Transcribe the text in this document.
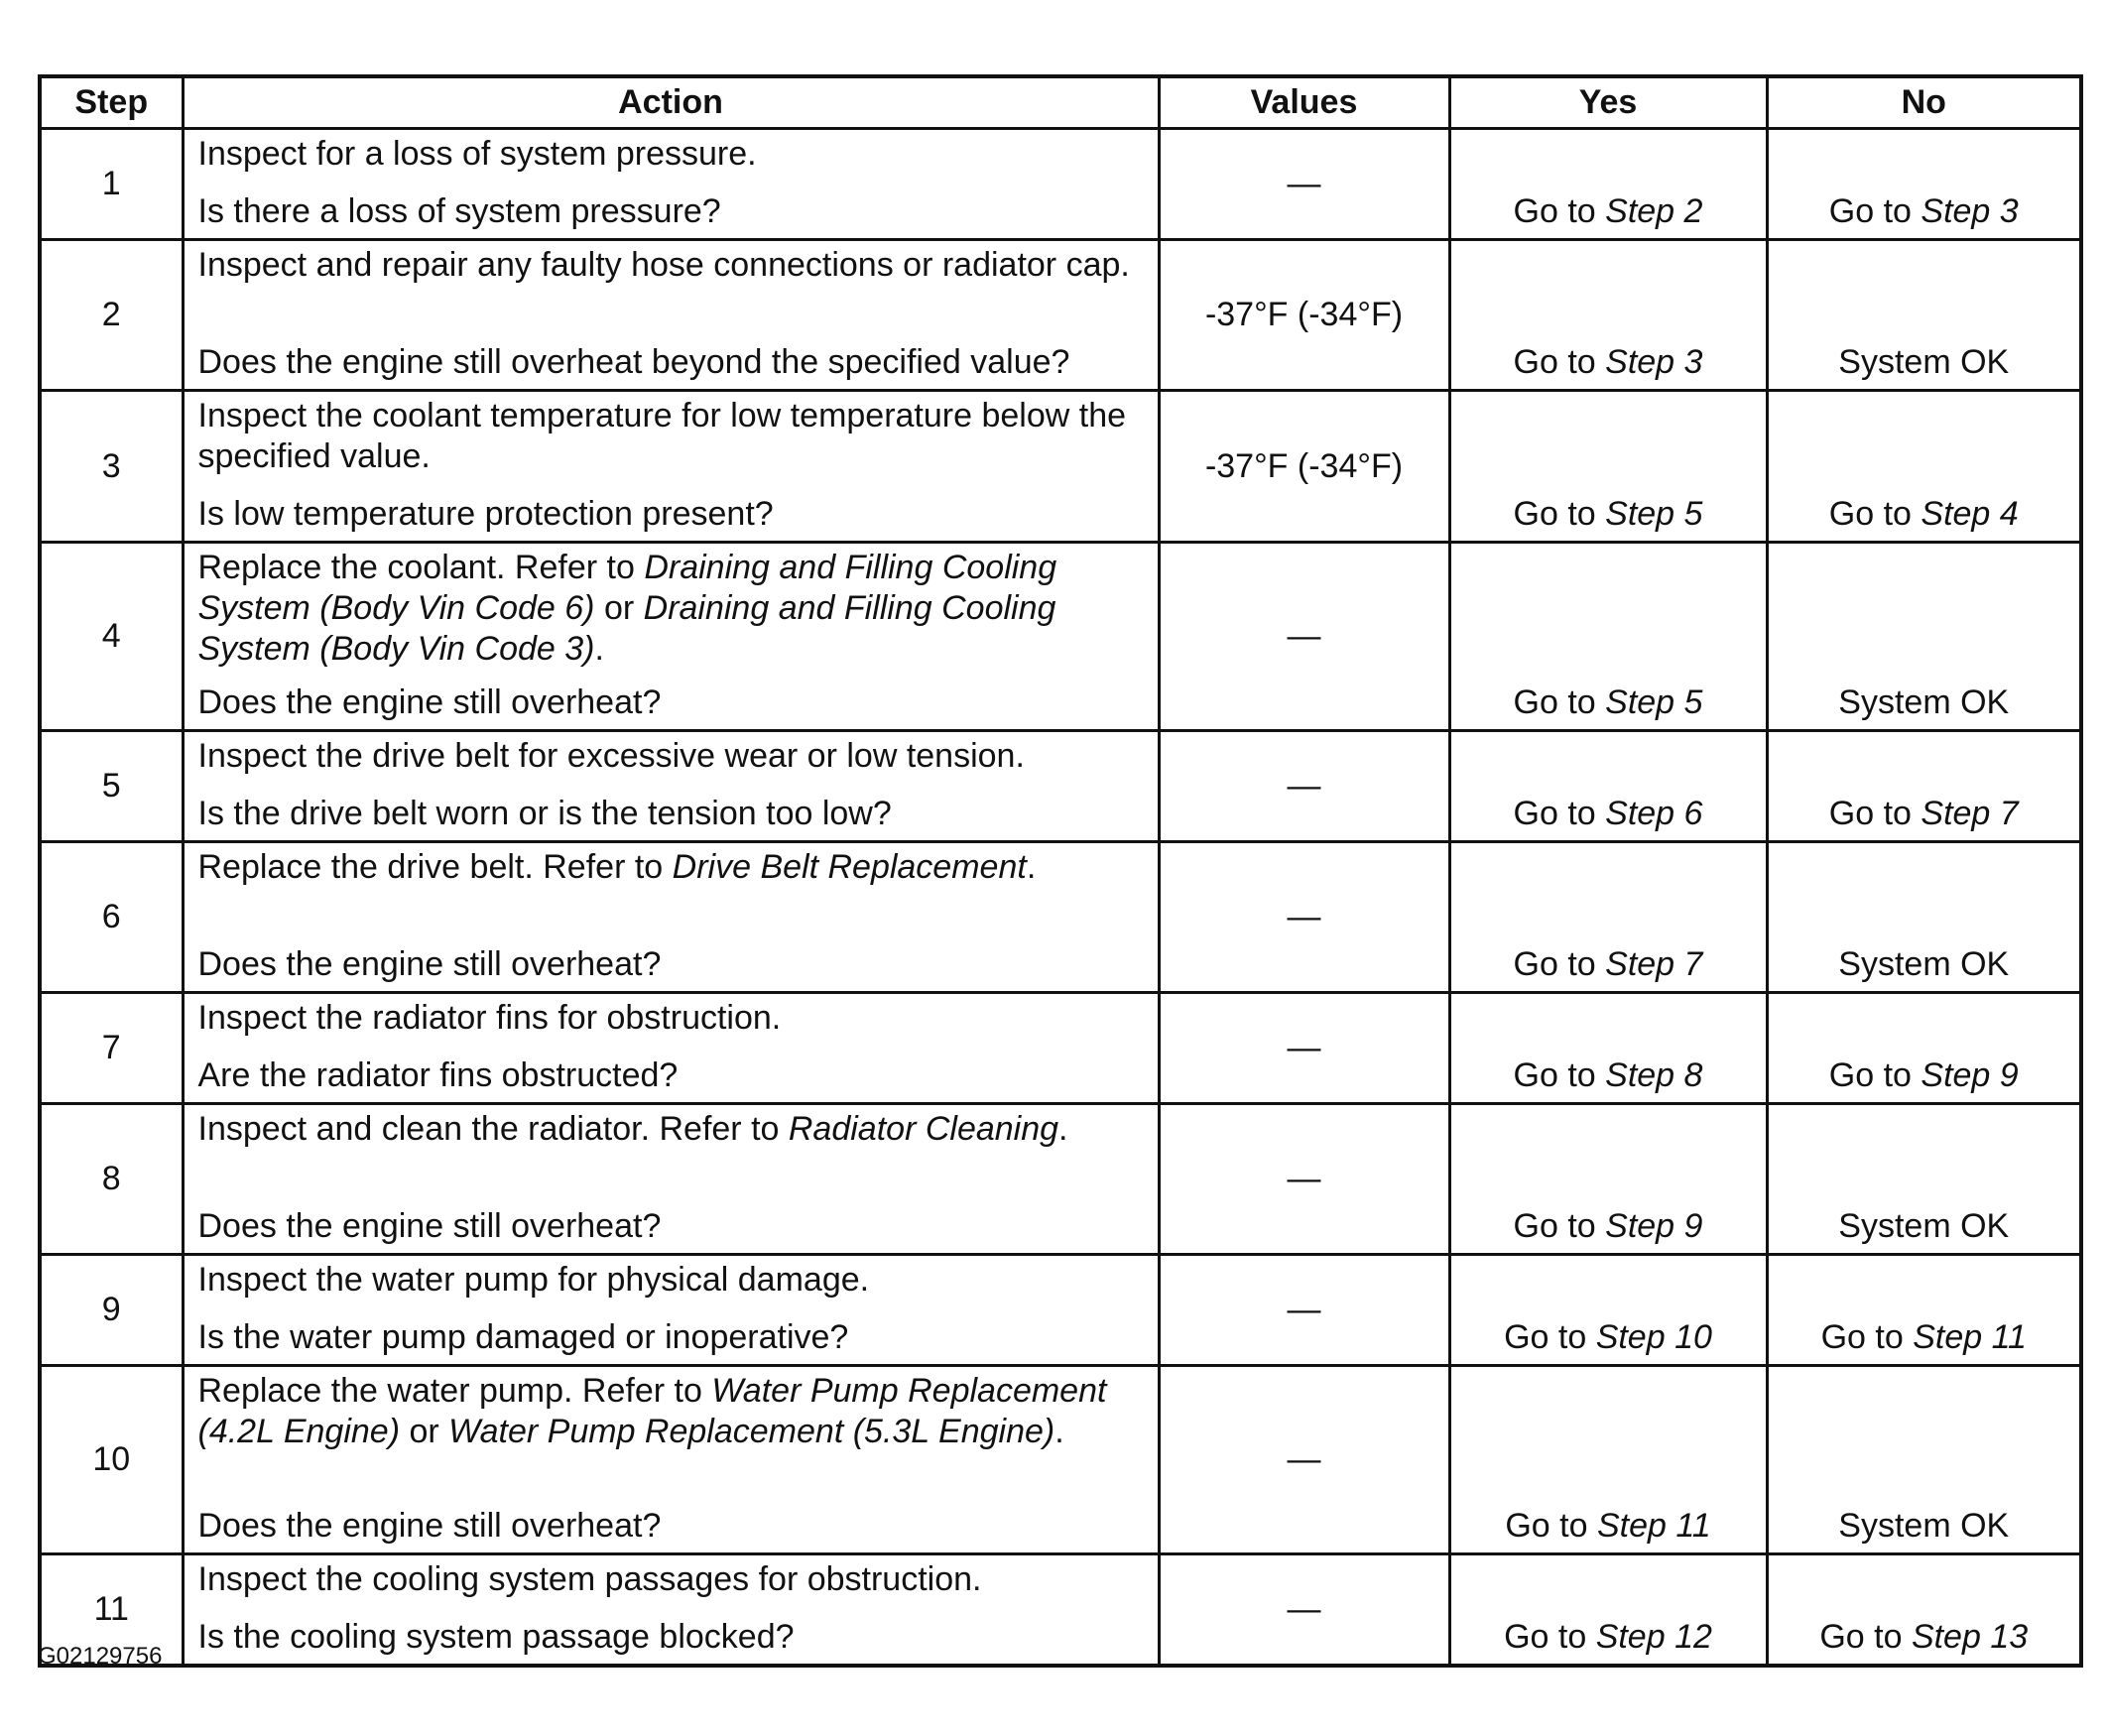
Step	Action	Values	Yes	No
1	Inspect for a loss of system pressure.
Is there a loss of system pressure?	—	Go to Step 2	Go to Step 3

2	Inspect and repair any faulty hose connections or radiator cap.
Does the engine still overheat beyond the specified value?	-37°F (-34°F)	Go to Step 3	System OK

3	Inspect the coolant temperature for low temperature below the specified value.
Is low temperature protection present?	-37°F (-34°F)	Go to Step 5	Go to Step 4

4	Replace the coolant. Refer to Draining and Filling Cooling System (Body Vin Code 6) or Draining and Filling Cooling System (Body Vin Code 3).
Does the engine still overheat?	—	Go to Step 5	System OK

5	Inspect the drive belt for excessive wear or low tension.
Is the drive belt worn or is the tension too low?	—	Go to Step 6	Go to Step 7

6	Replace the drive belt. Refer to Drive Belt Replacement.
Does the engine still overheat?	—	Go to Step 7	System OK

7	Inspect the radiator fins for obstruction.
Are the radiator fins obstructed?	—	Go to Step 8	Go to Step 9

8	Inspect and clean the radiator. Refer to Radiator Cleaning.
Does the engine still overheat?	—	Go to Step 9	System OK

9	Inspect the water pump for physical damage.
Is the water pump damaged or inoperative?	—	Go to Step 10	Go to Step 11

10	Replace the water pump. Refer to Water Pump Replacement (4.2L Engine) or Water Pump Replacement (5.3L Engine).
Does the engine still overheat?	—	Go to Step 11	System OK

11	Inspect the cooling system passages for obstruction.
Is the cooling system passage blocked?	—	Go to Step 12	Go to Step 13
G02129756
